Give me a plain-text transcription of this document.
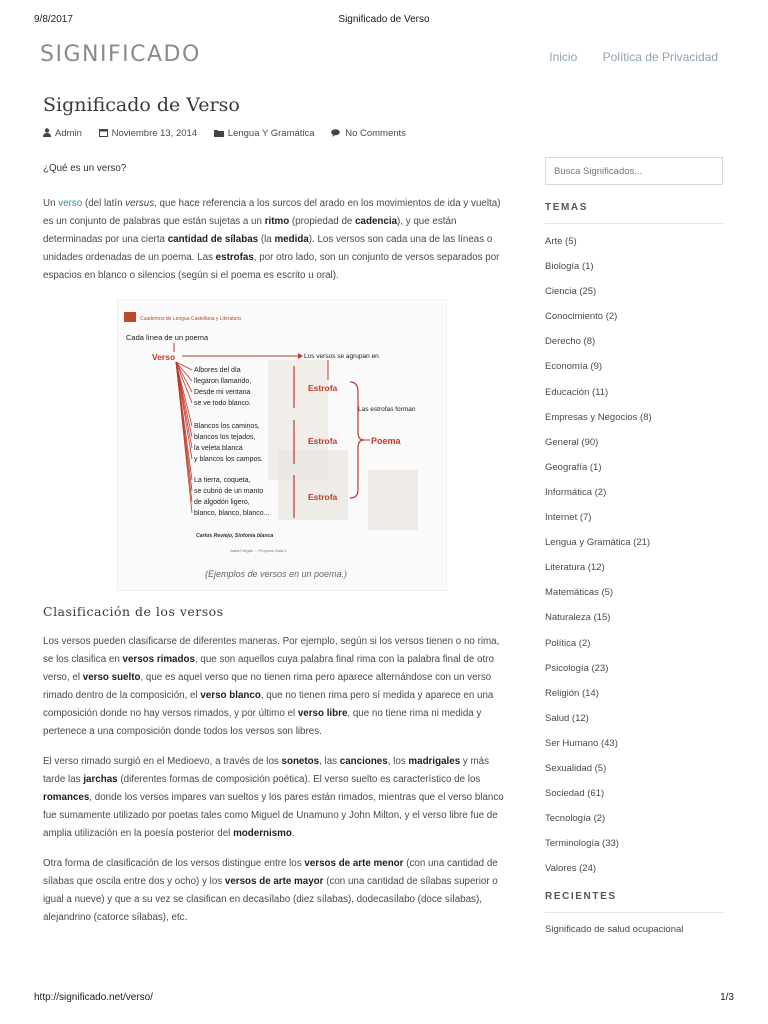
9/8/2017	Significado de Verso
SIGNIFICADO	Inicio Política de Privacidad
Significado de Verso
Admin	Noviembre 13, 2014	Lengua Y Gramática	No Comments

¿Qué es un verso?

Un verso (del latín versus, que hace referencia a los surcos del arado en los movimientos de ida y vuelta) es un conjunto de palabras que están sujetas a un ritmo (propiedad de cadencia), y que están determinadas por una cierta cantidad de sílabas (la medida). Los versos son cada una de las líneas o unidades ordenadas de un poema. Las estrofas, por otro lado, son un conjunto de versos separados por espacios en blanco o silencios (según si el poema es escrito u oral).

Cuadernos de Lengua Castellana y Literatura
Cada línea de un poema
Verso	Los versos se agrupan en
Albores del día
llegaron llamando,
Desde mi ventana
se ve todo blanco.
Blancos los caminos,
blancos los tejados,
la veleta blanca
y blancos los campos.
La tierra, coqueta,
se cubrió de un manto
de algodón ligero,
blanco, blanco, blanco...
Estrofa
Estrofa
Estrofa
Las estrofas forman
Poema
Carlos Reviejo, Sinfonía blanca
Isabel Vegas ... Proyecto Aula 2
(Ejemplos de versos en un poema.)
Clasificación de los versos

Los versos pueden clasificarse de diferentes maneras. Por ejemplo, según si los versos tienen o no rima, se los clasifica en versos rimados, que son aquellos cuya palabra final rima con la palabra final de otro verso, el verso suelto, que es aquel verso que no tienen rima pero aparece alternándose con un verso rimado dentro de la composición, el verso blanco, que no tienen rima pero sí medida y aparece en una composición donde no hay versos rimados, y por último el verso libre, que no tiene rima ni medida y pertenece a una composición donde todos los versos son libres.

El verso rimado surgió en el Medioevo, a través de los sonetos, las canciones, los madrigales y más tarde las jarchas (diferentes formas de composición poética). El verso suelto es característico de los romances, donde los versos impares van sueltos y los pares están rimados, mientras que el verso blanco fue sumamente utilizado por poetas tales como Miguel de Unamuno y John Milton, y el verso libre fue de amplia utilización en la poesía posterior del modernismo.

Otra forma de clasificación de los versos distingue entre los versos de arte menor (con una cantidad de sílabas que oscila entre dos y ocho) y los versos de arte mayor (con una cantidad de sílabas superior o igual a nueve) y que a su vez se clasifican en decasílabo (diez sílabas), dodecasílabo (doce sílabas), alejandrino (catorce sílabas), etc.

Busca Significados...
TEMAS
Arte (5)
Biología (1)
Ciencia (25)
Conocimiento (2)
Derecho (8)
Economía (9)
Educación (11)
Empresas y Negocios (8)
General (90)
Geografía (1)
Informática (2)
Internet (7)
Lengua y Gramática (21)
Literatura (12)
Matemáticas (5)
Naturaleza (15)
Política (2)
Psicología (23)
Religión (14)
Salud (12)
Ser Humano (43)
Sexualidad (5)
Sociedad (61)
Tecnología (2)
Terminología (33)
Valores (24)
RECIENTES
Significado de salud ocupacional
http://significado.net/verso/	1/3
